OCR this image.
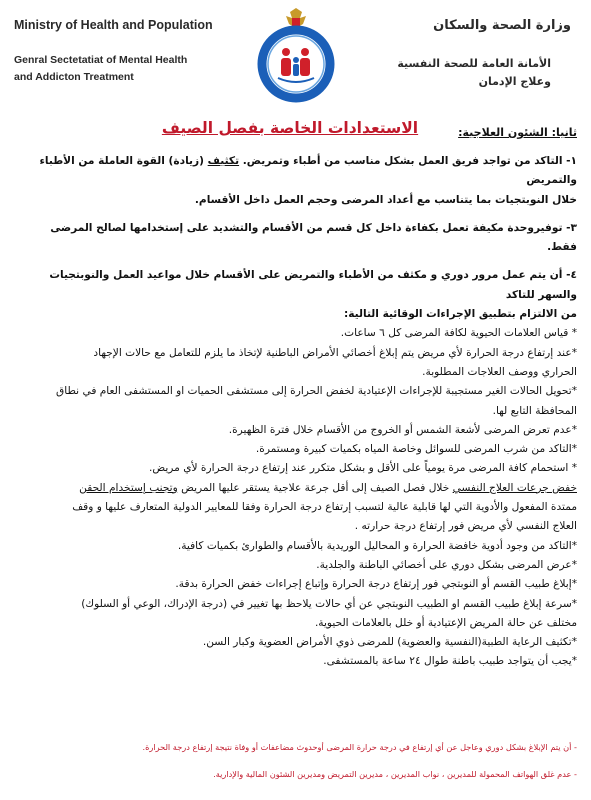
Ministry of Health and Population
Genral Sectetatiat of Mental Health
and Addicton Treatment
وزارة الصحة والسكان
الأمانة العامة للصحة النفسية
وعلاج الإدمان
ثانيا: الشئون العلاجية:
الاستعدادات الخاصة بفصل الصيف

١- التاكد من تواجد فريق العمل بشكل مناسب من أطباء وتمريض. تكثيف (زيادة) القوة العاملة من الأطباء والتمريض

خلال النوبتجيات بما يتناسب مع أعداد المرضى وحجم العمل داخل الأقسام.

٣- توفيروحدة مكيفة تعمل بكفاءة داخل كل قسم من الأقسام والتشديد على إستخدامها لصالح المرضى فقط.

٤- أن يتم عمل مرور دوري و مكثف من الأطباء والتمريض على الأقسام خلال مواعيد العمل والنوبتجيات والسهر للتاكد

من الالتزام بتطبيق الإجراءات الوقائية التالية:

* قياس العلامات الحيوية لكافة المرضى كل ٦ ساعات.

*عند إرتفاع درجة الحرارة لأي مريض يتم إبلاغ أخصائي الأمراض الباطنية لإتخاذ ما يلزم للتعامل مع حالات الإجهاد

الحراري ووصف العلاجات المطلوبة.

*تحويل الحالات الغير مستجيبة للإجراءات الإعتيادية لخفض الحرارة إلى مستشفى الحميات او المستشفى العام في نطاق

المحافظة التابع لها.

*عدم تعرض المرضى لأشعة الشمس أو الخروج من الأقسام خلال فترة الظهيرة.

*التاكد من شرب المرضى للسوائل وخاصة المياه بكميات كبيرة ومستمرة.

* استحمام كافة المرضى مرة يومياً على الأقل و بشكل متكرر عند إرتفاع درجة الحرارة لأي مريض.

خفض جرعات العلاج النفسي خلال فصل الصيف إلى أقل جرعة علاجية يستقر عليها المريض وتجنب إستخدام الحقن

ممتدة المفعول والأدوية التي لها قابلية عالية لتسبب إرتفاع درجة الحرارة وفقا للمعايير الدولية المتعارف عليها و وقف

العلاج النفسي لأي مريض فور إرتفاع درجة حرارته .

*التاكد من وجود أدوية خافضة الحرارة و المحاليل الوريدية بالأقسام والطوارئ بكميات كافية.

*عرض المرضى بشكل دوري على أخصائي الباطنة والجلدية.

*إبلاغ طبيب القسم أو النوبتجي فور إرتفاع درجة الحرارة وإتباع إجراءات خفض الحرارة بدقة.

*سرعة إبلاغ طبيب القسم او الطبيب النوبتجي عن أي حالات يلاحظ بها تغيير في (درجة الإدراك، الوعي أو السلوك)

مختلف عن حالة المريض الإعتيادية أو خلل بالعلامات الحيوية.

*تكثيف الرعاية الطبية(النفسية والعضوية) للمرضى ذوي الأمراض العضوية وكبار السن.

*يجب أن يتواجد طبيب باطنة طوال ٢٤ ساعة بالمستشفى.

- أن يتم الإبلاغ بشكل دوري وعاجل عن أي إرتفاع في درجة حرارة المرضى أوحدوث مضاعفات أو وفاة نتيجة إرتفاع درجة الحرارة.

- عدم غلق الهواتف المحمولة للمديرين ، نواب المديرين ، مديرين التمريض ومديرين الشئون المالية والإدارية.
